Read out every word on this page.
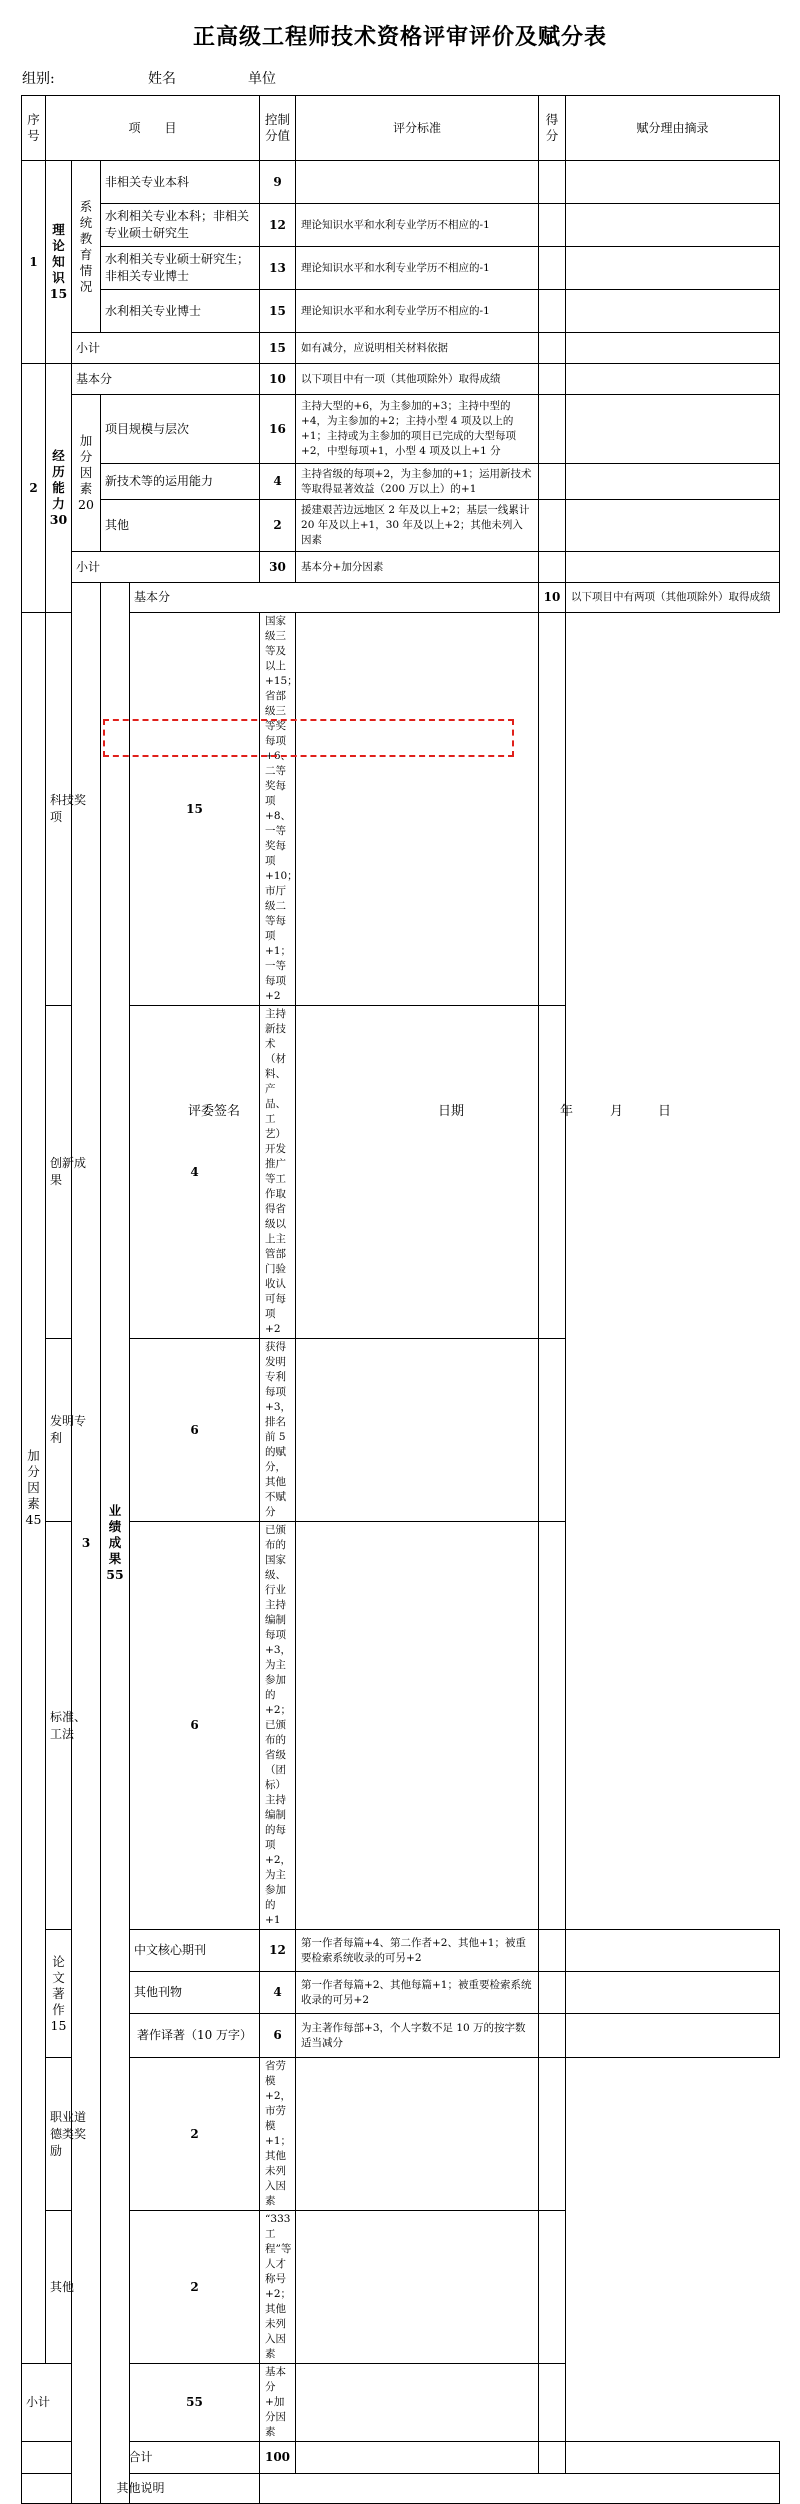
正高级工程师技术资格评审评价及赋分表
组别:	姓名	单位
序号	项　　目				控制分值	评分标准	得分	赋分理由摘录	
1	理论知识15	系统教育情况	非相关专业本科		9				
			水利相关专业本科；非相关专业硕士研究生		12	理论知识水平和水利专业学历不相应的-1			
			水利相关专业硕士研究生；非相关专业博士		13	理论知识水平和水利专业学历不相应的-1			
			水利相关专业博士		15	理论知识水平和水利专业学历不相应的-1			
		小计			15	如有减分，应说明相关材料依据			
2	经历能力30	基本分			10	以下项目中有一项（其他项除外）取得成绩			
		加分因素20	项目规模与层次		16	主持大型的+6，为主参加的+3；主持中型的+4，为主参加的+2；主持小型 4 项及以上的+1；主持或为主参加的项目已完成的大型每项+2，中型每项+1，小型 4 项及以上+1 分			
			新技术等的运用能力		4	主持省级的每项+2，为主参加的+1；运用新技术等取得显著效益（200 万以上）的+1			
			其他		2	援建艰苦边远地区 2 年及以上+2；基层一线累计 20 年及以上+1，30 年及以上+2；其他未列入因素			
		小计			30	基本分+加分因素			
		3	业绩成果55	基本分			10	以下项目中有两项（其他项除外）取得成绩		
加分因素45	科技奖项			15	国家级三等及以上+15；省部级三等奖每项+6、二等奖每项+8、一等奖每项+10；市厅级二等每项+1；一等每项+2				
	创新成果			4	主持新技术（材料、产品、工艺）开发推广等工作取得省级以上主管部门验收认可每项+2				
	发明专利			6	获得发明专利每项+3，排名前 5 的赋分，其他不赋分				
	标准、工法			6	已颁布的国家级、行业主持编制每项+3，为主参加的+2；已颁布的省级（团标）主持编制的每项+2，为主参加的+1				
	论文著作15			中文核心期刊	12	第一作者每篇+4、第二作者+2、其他+1；被重要检索系统收录的可另+2			
				其他刊物	4	第一作者每篇+2、其他每篇+1；被重要检索系统收录的可另+2			
				著作译著（10 万字）	6	为主著作每部+3，个人字数不足 10 万的按字数适当减分			
	职业道德类奖励			2	省劳模+2，市劳模+1；其他未列入因素				
	其他			2	“333 工程”等人才称号+2；其他未列入因素				
小计				55	基本分+加分因素				
合计					100				
其他说明									
评委签名	日期	年	月	日
